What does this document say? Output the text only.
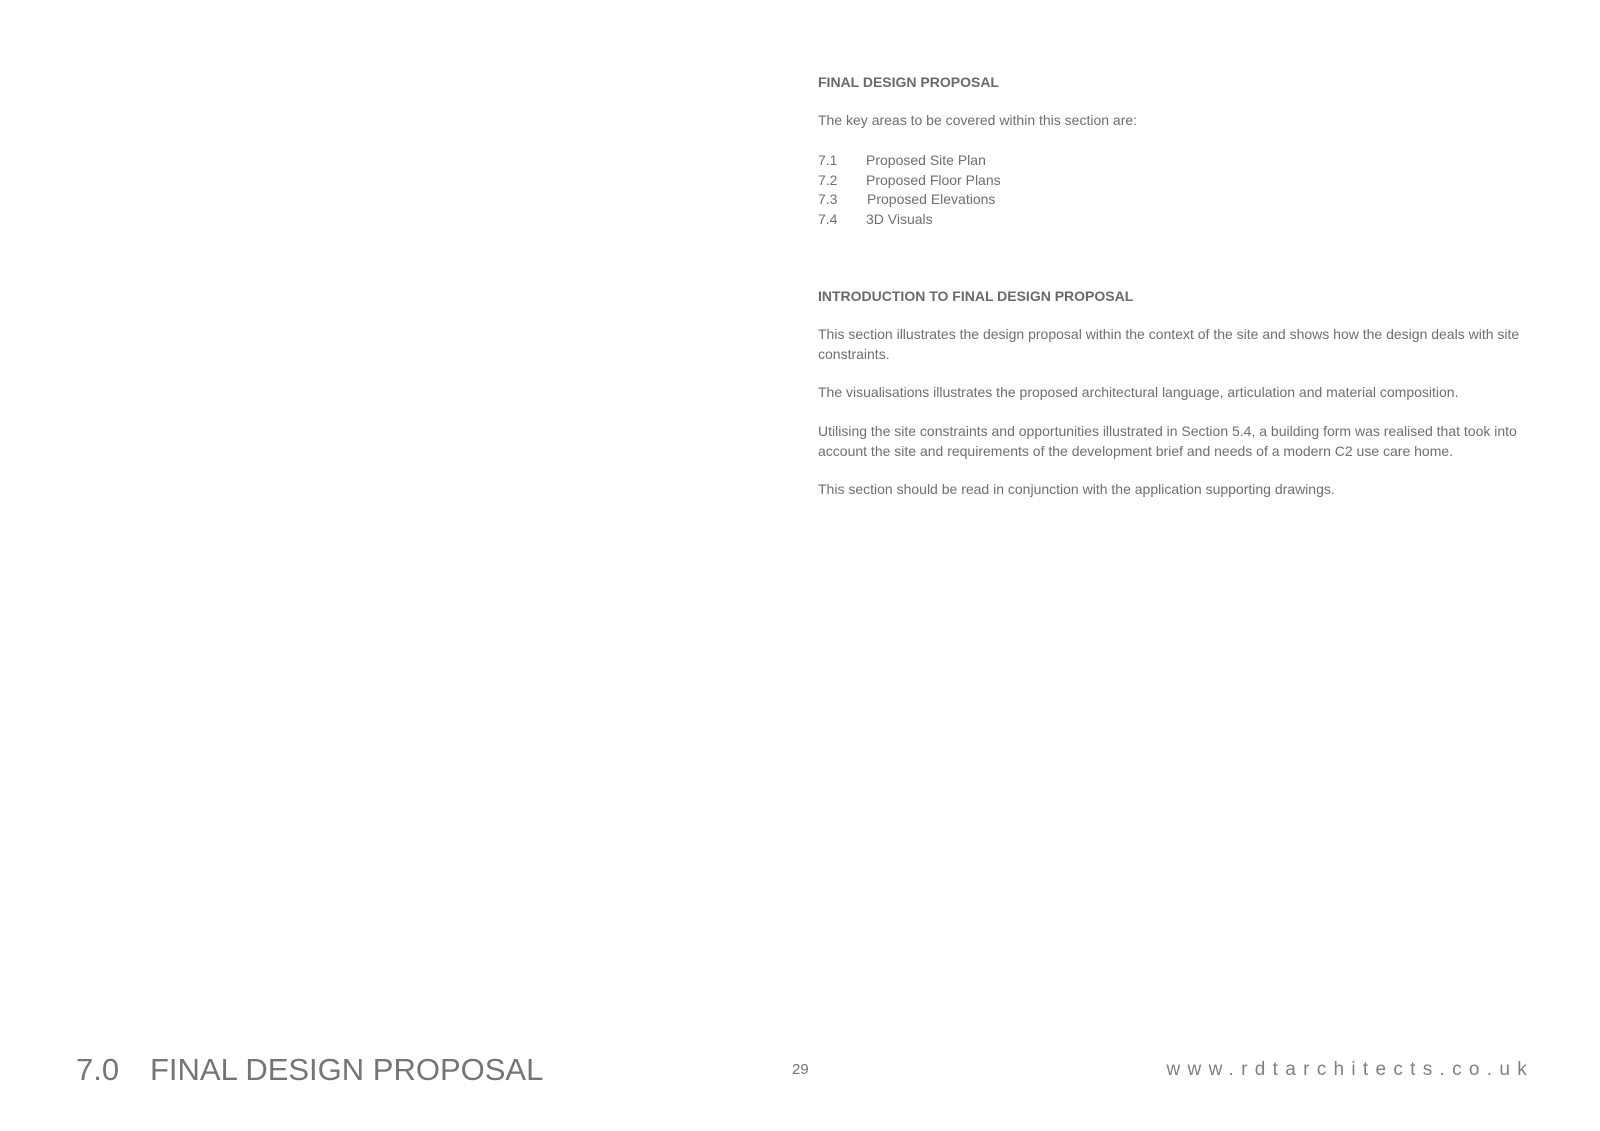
FINAL DESIGN PROPOSAL
The key areas to be covered within this section are:
7.1 Proposed Site Plan
7.2 Proposed Floor Plans
7.3 Proposed Elevations
7.4 3D Visuals
INTRODUCTION TO FINAL DESIGN PROPOSAL
This section illustrates the design proposal within the context of the site and shows how the design deals with site constraints.
The visualisations illustrates the proposed architectural language, articulation and material composition.
Utilising the site constraints and opportunities illustrated in Section 5.4, a building form was realised that took into account the site and requirements of the development brief and needs of a modern C2 use care home.
This section should be read in conjunction with the application supporting drawings.
7.0 FINAL DESIGN PROPOSAL	29	www.rdtarchitects.co.uk
